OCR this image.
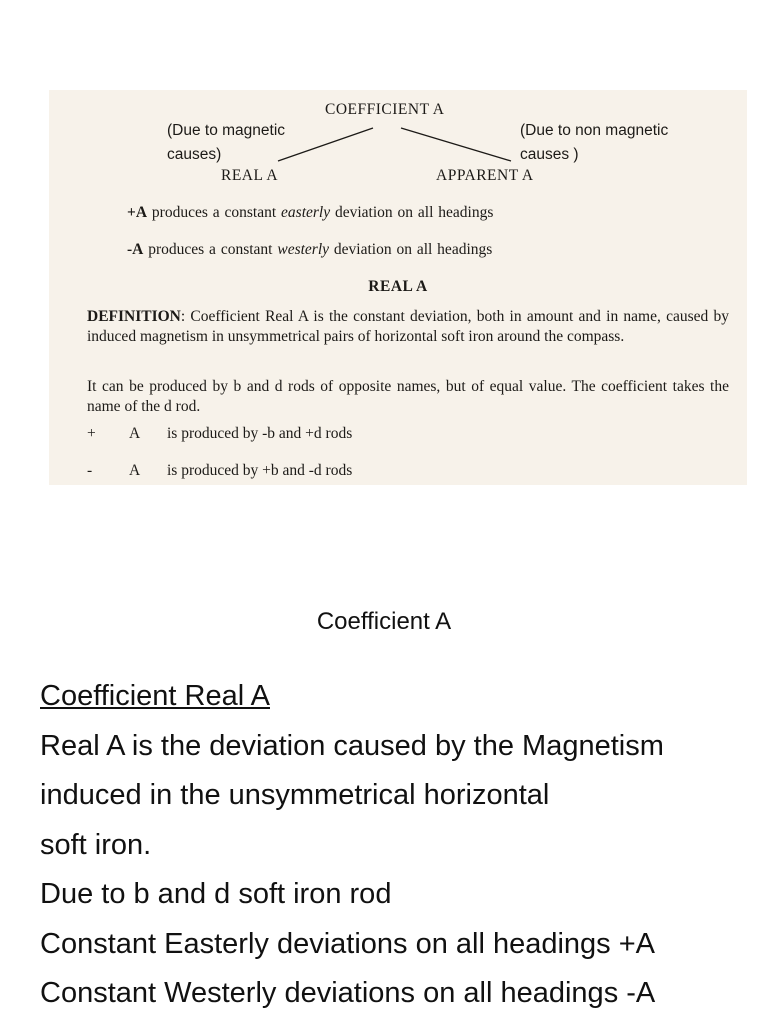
COEFFICIENT A
(Due to magnetic
causes)
REAL A
(Due to non magnetic
causes )
APPARENT A
+A produces a constant easterly deviation on all headings
-A produces a constant westerly deviation on all headings
REAL A
DEFINITION: Coefficient Real A is the constant deviation, both in amount and in name, caused by induced magnetism in unsymmetrical pairs of horizontal soft iron around the compass.
It can be produced by b and d rods of opposite names, but of equal value. The coefficient takes the name of the d rod.
+ A is produced by -b and +d rods
- A is produced by +b and -d rods
Coefficient A
Coefficient Real A
Real A is the deviation caused by the Magnetism
induced in the unsymmetrical horizontal
soft iron.
Due to b and d soft iron rod
Constant Easterly deviations on all headings +A
Constant Westerly deviations on all headings -A
